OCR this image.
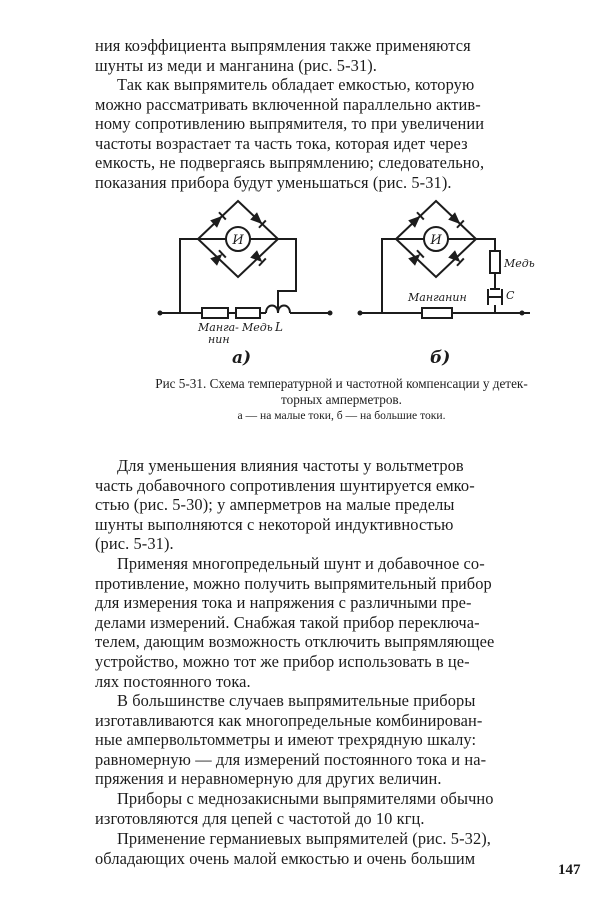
ния коэффициента выпрямления также применяются
шунты из меди и манганина (рис. 5-31).
Так как выпрямитель обладает емкостью, которую
можно рассматривать включенной параллельно актив-
ному сопротивлению выпрямителя, то при увеличении
частоты возрастает та часть тока, которая идет через
емкость, не подвергаясь выпрямлению; следовательно,
показания прибора будут уменьшаться (рис. 5-31).
И
Манга-
нин
Медь L
а)
И
Медь
Манганин	С
б)
Рис 5-31. Схема температурной и частотной компенсации у детек-
торных амперметров.
а — на малые токи, б — на большие токи.
Для уменьшения влияния частоты у вольтметров
часть добавочного сопротивления шунтируется емко-
стью (рис. 5-30); у амперметров на малые пределы
шунты выполняются с некоторой индуктивностью
(рис. 5-31).
Применяя многопредельный шунт и добавочное со-
противление, можно получить выпрямительный прибор
для измерения тока и напряжения с различными пре-
делами измерений. Снабжая такой прибор переключа-
телем, дающим возможность отключить выпрямляющее
устройство, можно тот же прибор использовать в це-
лях постоянного тока.
В большинстве случаев выпрямительные приборы
изготавливаются как многопредельные комбинирован-
ные ампервольтомметры и имеют трехрядную шкалу:
равномерную — для измерений постоянного тока и на-
пряжения и неравномерную для других величин.
Приборы с меднозакисными выпрямителями обычно
изготовляются для цепей с частотой до 10 кгц.
Применение германиевых выпрямителей (рис. 5-32),
обладающих очень малой емкостью и очень большим
147
